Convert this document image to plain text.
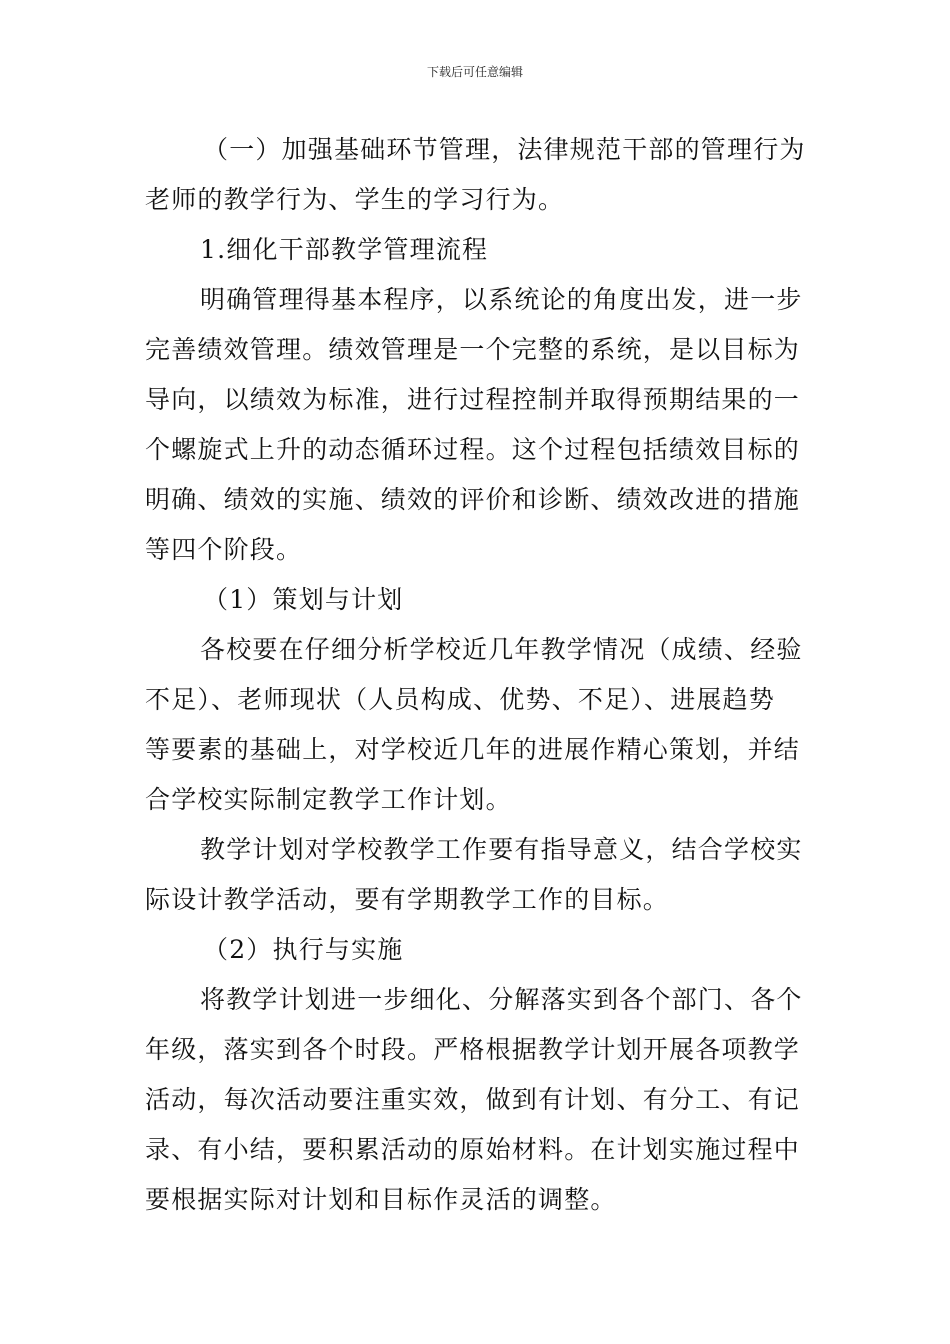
下载后可任意编辑

（一）加强基础环节管理，法律规范干部的管理行为

老师的教学行为、学生的学习行为。

1.细化干部教学管理流程

明确管理得基本程序，以系统论的角度出发，进一步

完善绩效管理。绩效管理是一个完整的系统，是以目标为

导向，以绩效为标准，进行过程控制并取得预期结果的一

个螺旋式上升的动态循环过程。这个过程包括绩效目标的

明确、绩效的实施、绩效的评价和诊断、绩效改进的措施

等四个阶段。

（1）策划与计划

各校要在仔细分析学校近几年教学情况（成绩、经验

不足）、老师现状（人员构成、优势、不足）、进展趋势

等要素的基础上，对学校近几年的进展作精心策划，并结

合学校实际制定教学工作计划。

教学计划对学校教学工作要有指导意义，结合学校实

际设计教学活动，要有学期教学工作的目标。

（2）执行与实施

将教学计划进一步细化、分解落实到各个部门、各个

年级，落实到各个时段。严格根据教学计划开展各项教学

活动，每次活动要注重实效，做到有计划、有分工、有记

录、有小结，要积累活动的原始材料。在计划实施过程中

要根据实际对计划和目标作灵活的调整。
